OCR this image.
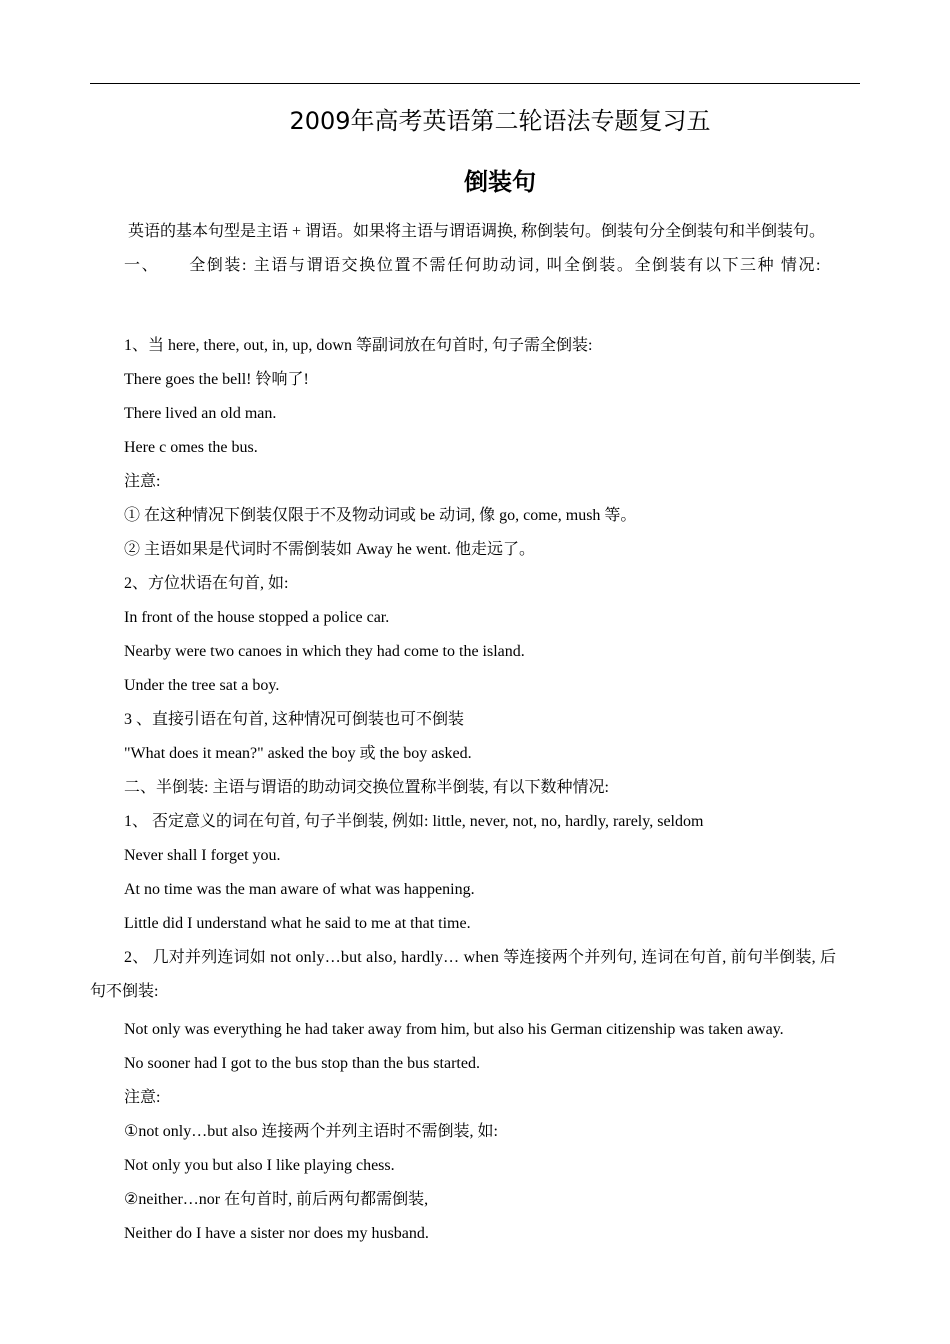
2009年高考英语第二轮语法专题复习五
倒装句
英语的基本句型是主语 + 谓语。如果将主语与谓语调换, 称倒装句。倒装句分全倒装句和半倒装句。
一、 全倒装: 主语与谓语交换位置不需任何助动词, 叫全倒装。全倒装有以下三种 情况:
1、当 here, there, out, in, up, down 等副词放在句首时, 句子需全倒装:
There goes the bell! 铃响了!
There lived an old man.
Here c omes the bus.
注意:
① 在这种情况下倒装仅限于不及物动词或 be 动词, 像 go, come, mush 等。
② 主语如果是代词时不需倒装如 Away he went. 他走远了。
2、方位状语在句首, 如:
In front of the house stopped a police car.
Nearby were two canoes in which they had come to the island.
Under the tree sat a boy.
3 、直接引语在句首, 这种情况可倒装也可不倒装
"What does it mean?" asked the boy 或 the boy asked.
二、半倒装: 主语与谓语的助动词交换位置称半倒装, 有以下数种情况:
1、 否定意义的词在句首, 句子半倒装, 例如: little, never, not, no, hardly, rarely, seldom
Never shall I forget you.
At no time was the man aware of what was happening.
Little did I understand what he said to me at that time.
2、 几对并列连词如 not only…but also, hardly… when 等连接两个并列句, 连词在句首, 前句半倒装, 后
句不倒装:
Not only was everything he had taker away from him, but also his German citizenship was taken away.
No sooner had I got to the bus stop than the bus started.
注意:
①not only…but also 连接两个并列主语时不需倒装, 如:
Not only you but also I like playing chess.
②neither…nor 在句首时, 前后两句都需倒装,
Neither do I have a sister nor does my husband.
